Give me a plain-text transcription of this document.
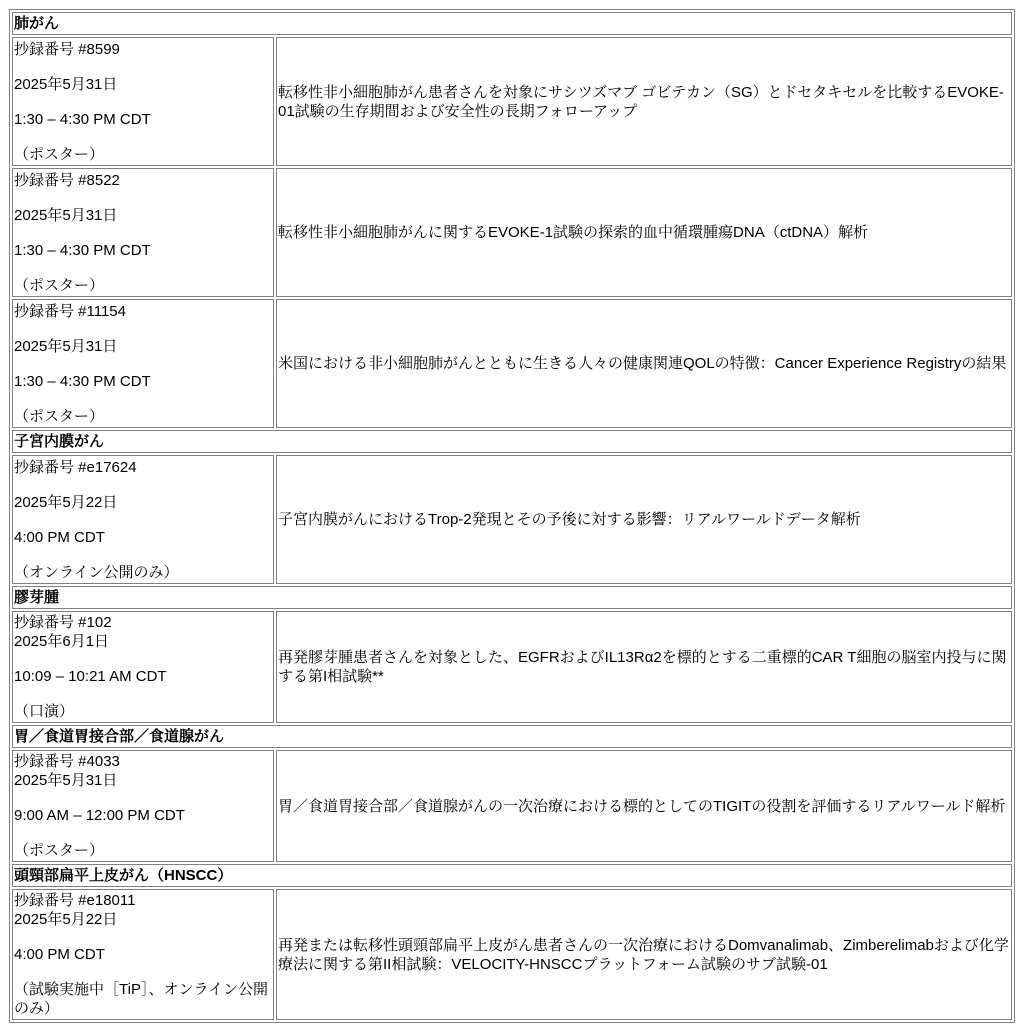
肺がん	

抄録番号 #8599
2025年5月31日
1:30 – 4:30 PM CDT
（ポスター）	転移性非小細胞肺がん患者さんを対象にサシツズマブ ゴビテカン（SG）とドセタキセルを比較するEVOKE-01試験の生存期間および安全性の長期フォローアップ

抄録番号 #8522
2025年5月31日
1:30 – 4:30 PM CDT
（ポスター）	転移性非小細胞肺がんに関するEVOKE-1試験の探索的血中循環腫瘍DNA（ctDNA）解析

抄録番号 #11154
2025年5月31日
1:30 – 4:30 PM CDT
（ポスター）	米国における非小細胞肺がんとともに生きる人々の健康関連QOLの特徴：Cancer Experience Registryの結果
子宮内膜がん	

抄録番号 #e17624
2025年5月22日
4:00 PM CDT
（オンライン公開のみ）	子宮内膜がんにおけるTrop-2発現とその予後に対する影響：リアルワールドデータ解析
膠芽腫	

抄録番号 #102
2025年6月1日
10:09 – 10:21 AM CDT
（口演）	再発膠芽腫患者さんを対象とした、EGFRおよびIL13Rα2を標的とする二重標的CAR T細胞の脳室内投与に関する第I相試験**
胃／食道胃接合部／食道腺がん	

抄録番号 #4033
2025年5月31日
9:00 AM – 12:00 PM CDT
（ポスター）	胃／食道胃接合部／食道腺がんの一次治療における標的としてのTIGITの役割を評価するリアルワールド解析
頭頸部扁平上皮がん（HNSCC）	

抄録番号 #e18011
2025年5月22日
4:00 PM CDT
（試験実施中［TiP］、オンライン公開のみ）	再発または転移性頭頸部扁平上皮がん患者さんの一次治療におけるDomvanalimab、Zimberelimabおよび化学療法に関する第II相試験：VELOCITY-HNSCCプラットフォーム試験のサブ試験-01
